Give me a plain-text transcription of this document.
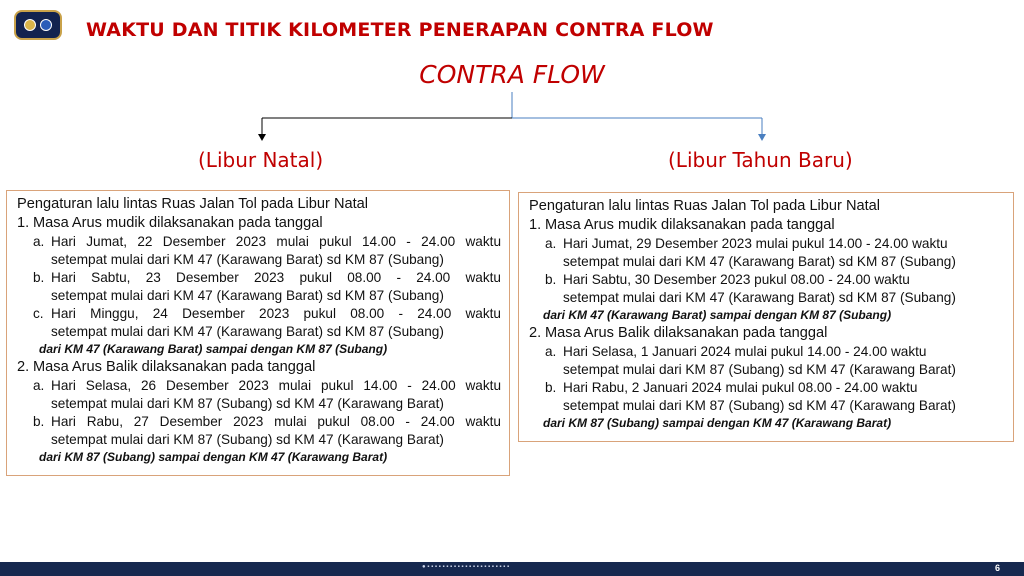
WAKTU DAN TITIK KILOMETER PENERAPAN CONTRA FLOW
CONTRA FLOW
(Libur Natal)	(Libur Tahun Baru)
Pengaturan lalu lintas Ruas Jalan Tol pada Libur Natal
1. Masa Arus mudik dilaksanakan pada tanggal
a. Hari Jumat, 22 Desember 2023 mulai pukul 14.00 - 24.00 waktu
setempat mulai dari KM 47 (Karawang Barat) sd KM 87 (Subang)
b. Hari Sabtu, 23 Desember 2023 pukul 08.00 - 24.00 waktu
setempat mulai dari KM 47 (Karawang Barat) sd KM 87 (Subang)
c. Hari Minggu, 24 Desember 2023 pukul 08.00 - 24.00 waktu
setempat mulai dari KM 47 (Karawang Barat) sd KM 87 (Subang)
dari KM 47 (Karawang Barat) sampai dengan KM 87 (Subang)
2. Masa Arus Balik dilaksanakan pada tanggal
a. Hari Selasa, 26 Desember 2023 mulai pukul 14.00 - 24.00 waktu
setempat mulai dari KM 87 (Subang) sd KM 47 (Karawang Barat)
b. Hari Rabu, 27 Desember 2023 mulai pukul 08.00 - 24.00 waktu
setempat mulai dari KM 87 (Subang) sd KM 47 (Karawang Barat)
dari KM 87 (Subang) sampai dengan KM 47 (Karawang Barat)
Pengaturan lalu lintas Ruas Jalan Tol pada Libur Natal
1. Masa Arus mudik dilaksanakan pada tanggal
a. Hari Jumat, 29 Desember 2023 mulai pukul 14.00 - 24.00 waktu
setempat mulai dari KM 47 (Karawang Barat) sd KM 87 (Subang)
b. Hari Sabtu, 30 Desember 2023 pukul 08.00 - 24.00 waktu
setempat mulai dari KM 47 (Karawang Barat) sd KM 87 (Subang)
dari KM 47 (Karawang Barat) sampai dengan KM 87 (Subang)
2. Masa Arus Balik dilaksanakan pada tanggal
a. Hari Selasa, 1 Januari 2024 mulai pukul 14.00 - 24.00 waktu
setempat mulai dari KM 87 (Subang) sd KM 47 (Karawang Barat)
b. Hari Rabu, 2 Januari 2024 mulai pukul 08.00 - 24.00 waktu
setempat mulai dari KM 87 (Subang) sd KM 47 (Karawang Barat)
dari KM 87 (Subang) sampai dengan KM 47 (Karawang Barat)
● ▪ ▪ ▪ ▪ ▪ ▪ ▪ ▪ ▪ ▪ ▪ ▪ ▪ ▪ ▪ ▪ ▪ ▪ ▪ ▪ ▪ ▪	6
